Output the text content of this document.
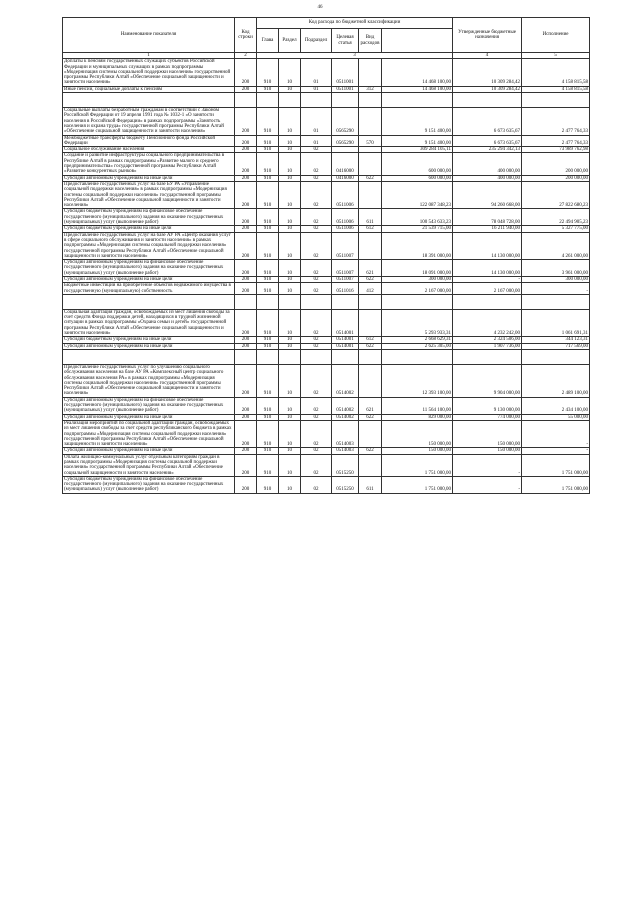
46
Наименование показателя	Код строки	Код расхода по бюджетной классификации						Утвержденные бюджетные назначения	Исполнение	
		Глава	Раздел	Подраздел	Целевая статья	Вид расходов				
1	2	3						4	5	
Доплаты к пенсиям государственных служащих субъектов Российской Федерации и муниципальных служащих в рамках подпрограммы «Модернизация системы социальной поддержки населения» государственной программы Республики Алтай «Обеспечение социальной защищенности и занятости населения»	200	910	10	01	0511001		14 468 100,00	10 309 284,42	4 158 815,58	
Иные пенсии, социальные доплаты к пенсиям	200	910	10	01	0511001	312	14 468 100,00	10 309 284,42	4 158 815,58	

Социальные выплаты безработным гражданам в соответствии с Законом Российской Федерации от 19 апреля 1991 года № 1032-1 «О занятости населения в Российской Федерации» в рамках подпрограммы «Занятость населения и охрана труда» государственной программы Республики Алтай «Обеспечение социальной защищенности и занятости населения»	200	910	10	01	0565290		9 151 400,00	6 673 635,67	2 477 764,33	
Межбюджетные трансферты бюджету Пенсионного фонда Российской Федерации	200	910	10	01	0565290	570	9 151 400,00	6 673 635,67	2 477 764,33	
Социальное обслуживание населения	200	910	10	02			309 284 105,11	235 294 342,13	73 989 762,98	
Создание и развитие инфраструктуры социального предпринимательства в Республике Алтай в рамках подпрограммы «Развитие малого и среднего предпринимательства» государственной программы Республики Алтай «Развитие конкурентных рынков»	200	910	10	02	0416000		600 000,00	400 000,00	200 000,00	
Субсидии автономным учреждениям на иные цели	200	910	10	02	0416000	622	600 000,00	400 000,00	200 000,00	
Предоставление государственных услуг на базе БУ РА «Управление социальной поддержки населения» в рамках подпрограммы «Модернизация системы социальной поддержки населения» государственной программы Республики Алтай «Обеспечение социальной защищенности и занятости населения»	200	910	10	02	0511006		122 087 348,23	94 260 668,00	27 822 680,23	
Субсидии бюджетным учреждениям на финансовое обеспечение государственного (муниципального) задания на оказание государственных (муниципальных) услуг (выполнение работ)	200	910	10	02	0511006	611	100 543 633,23	78 048 728,00	22 494 905,23	
Субсидии бюджетным учреждениям на иные цели	200	910	10	02	0511006	612	21 539 715,00	16 211 940,00	5 327 775,00	
Предоставление государственных услуг на базе АУ РА «Центр оказания услуг в сфере социального обслуживания и занятости населения» в рамках подпрограммы «Модернизация системы социальной поддержки населения» государственной программы Республики Алтай «Обеспечение социальной защищенности и занятости населения»	200	910	10	02	0511007		18 391 000,00	14 130 000,00	4 261 000,00	
Субсидии автономным учреждениям на финансовое обеспечение государственного (муниципального) задания на оказание государственных (муниципальных) услуг (выполнение работ)	200	910	10	02	0511007	621	18 091 000,00	14 130 000,00	3 961 000,00	
Субсидии автономным учреждениям на иные цели	200	910	10	02	0511007	622	300 000,00	-	300 000,00	
Бюджетные инвестиции на приобретение объектов недвижимого имущества в государственную (муниципальную) собственность	200	910	10	02	0511016	412	2 167 000,00	2 167 000,00	-	

Социальная адаптация граждан, освобождаемых из мест лишения свободы за счет средств Фонда поддержки детей, находящихся в трудной жизненной ситуации в рамках подпрограммы «Охрана семьи и детей» государственной программы Республики Алтай «Обеспечение социальной защищенности и занятости населения»	200	910	10	02	0514001		5 293 933,31	4 232 242,00	1 061 691,31	
Субсидии бюджетным учреждениям на иные цели	200	910	10	02	0514001	612	2 668 629,31	2 324 506,00	344 123,31	
Субсидии автономным учреждениям на иные цели	200	910	10	02	0514001	622	2 625 305,00	1 907 736,00	717 569,00	

Предоставление государственных услуг по улучшению социального обслуживания населения на базе АУ РА «Комплексный центр социального обслуживания населения РА» в рамках подпрограммы «Модернизация системы социальной поддержки населения» государственной программы Республики Алтай «Обеспечение социальной защищенности и занятости населения»	200	910	10	02	0514002		12 393 100,00	9 904 000,00	2 489 100,00	
Субсидии автономным учреждениям на финансовое обеспечение государственного (муниципального) задания на оказание государственных (муниципальных) услуг (выполнение работ)	200	910	10	02	0514002	621	11 564 100,00	9 130 000,00	2 434 100,00	
Субсидии автономным учреждениям на иные цели	200	910	10	02	0514002	622	829 000,00	774 000,00	55 000,00	
Реализация мероприятий по социальной адаптации граждан, освобождаемых из мест лишения свободы за счет средств республиканского бюджета в рамках подпрограммы «Модернизация системы социальной поддержки населения» государственной программы Республики Алтай «Обеспечение социальной защищенности и занятости населения»	200	910	10	02	0514003		150 000,00	150 000,00	-	
Субсидии автономным учреждениям на иные цели	200	910	10	02	0514003	622	150 000,00	150 000,00	-	
Оплата жилищно-коммунальных услуг отдельным категориям граждан в рамках подпрограммы «Модернизация системы социальной поддержки населения» государственной программы Республики Алтай «Обеспечение социальной защищенности и занятости населения»	200	910	10	02	0515250		1 751 000,00	-	1 751 000,00	
Субсидии бюджетным учреждениям на финансовое обеспечение государственного (муниципального) задания на оказание государственных (муниципальных) услуг (выполнение работ)	200	910	10	02	0515250	611	1 751 000,00	-	1 751 000,00	
